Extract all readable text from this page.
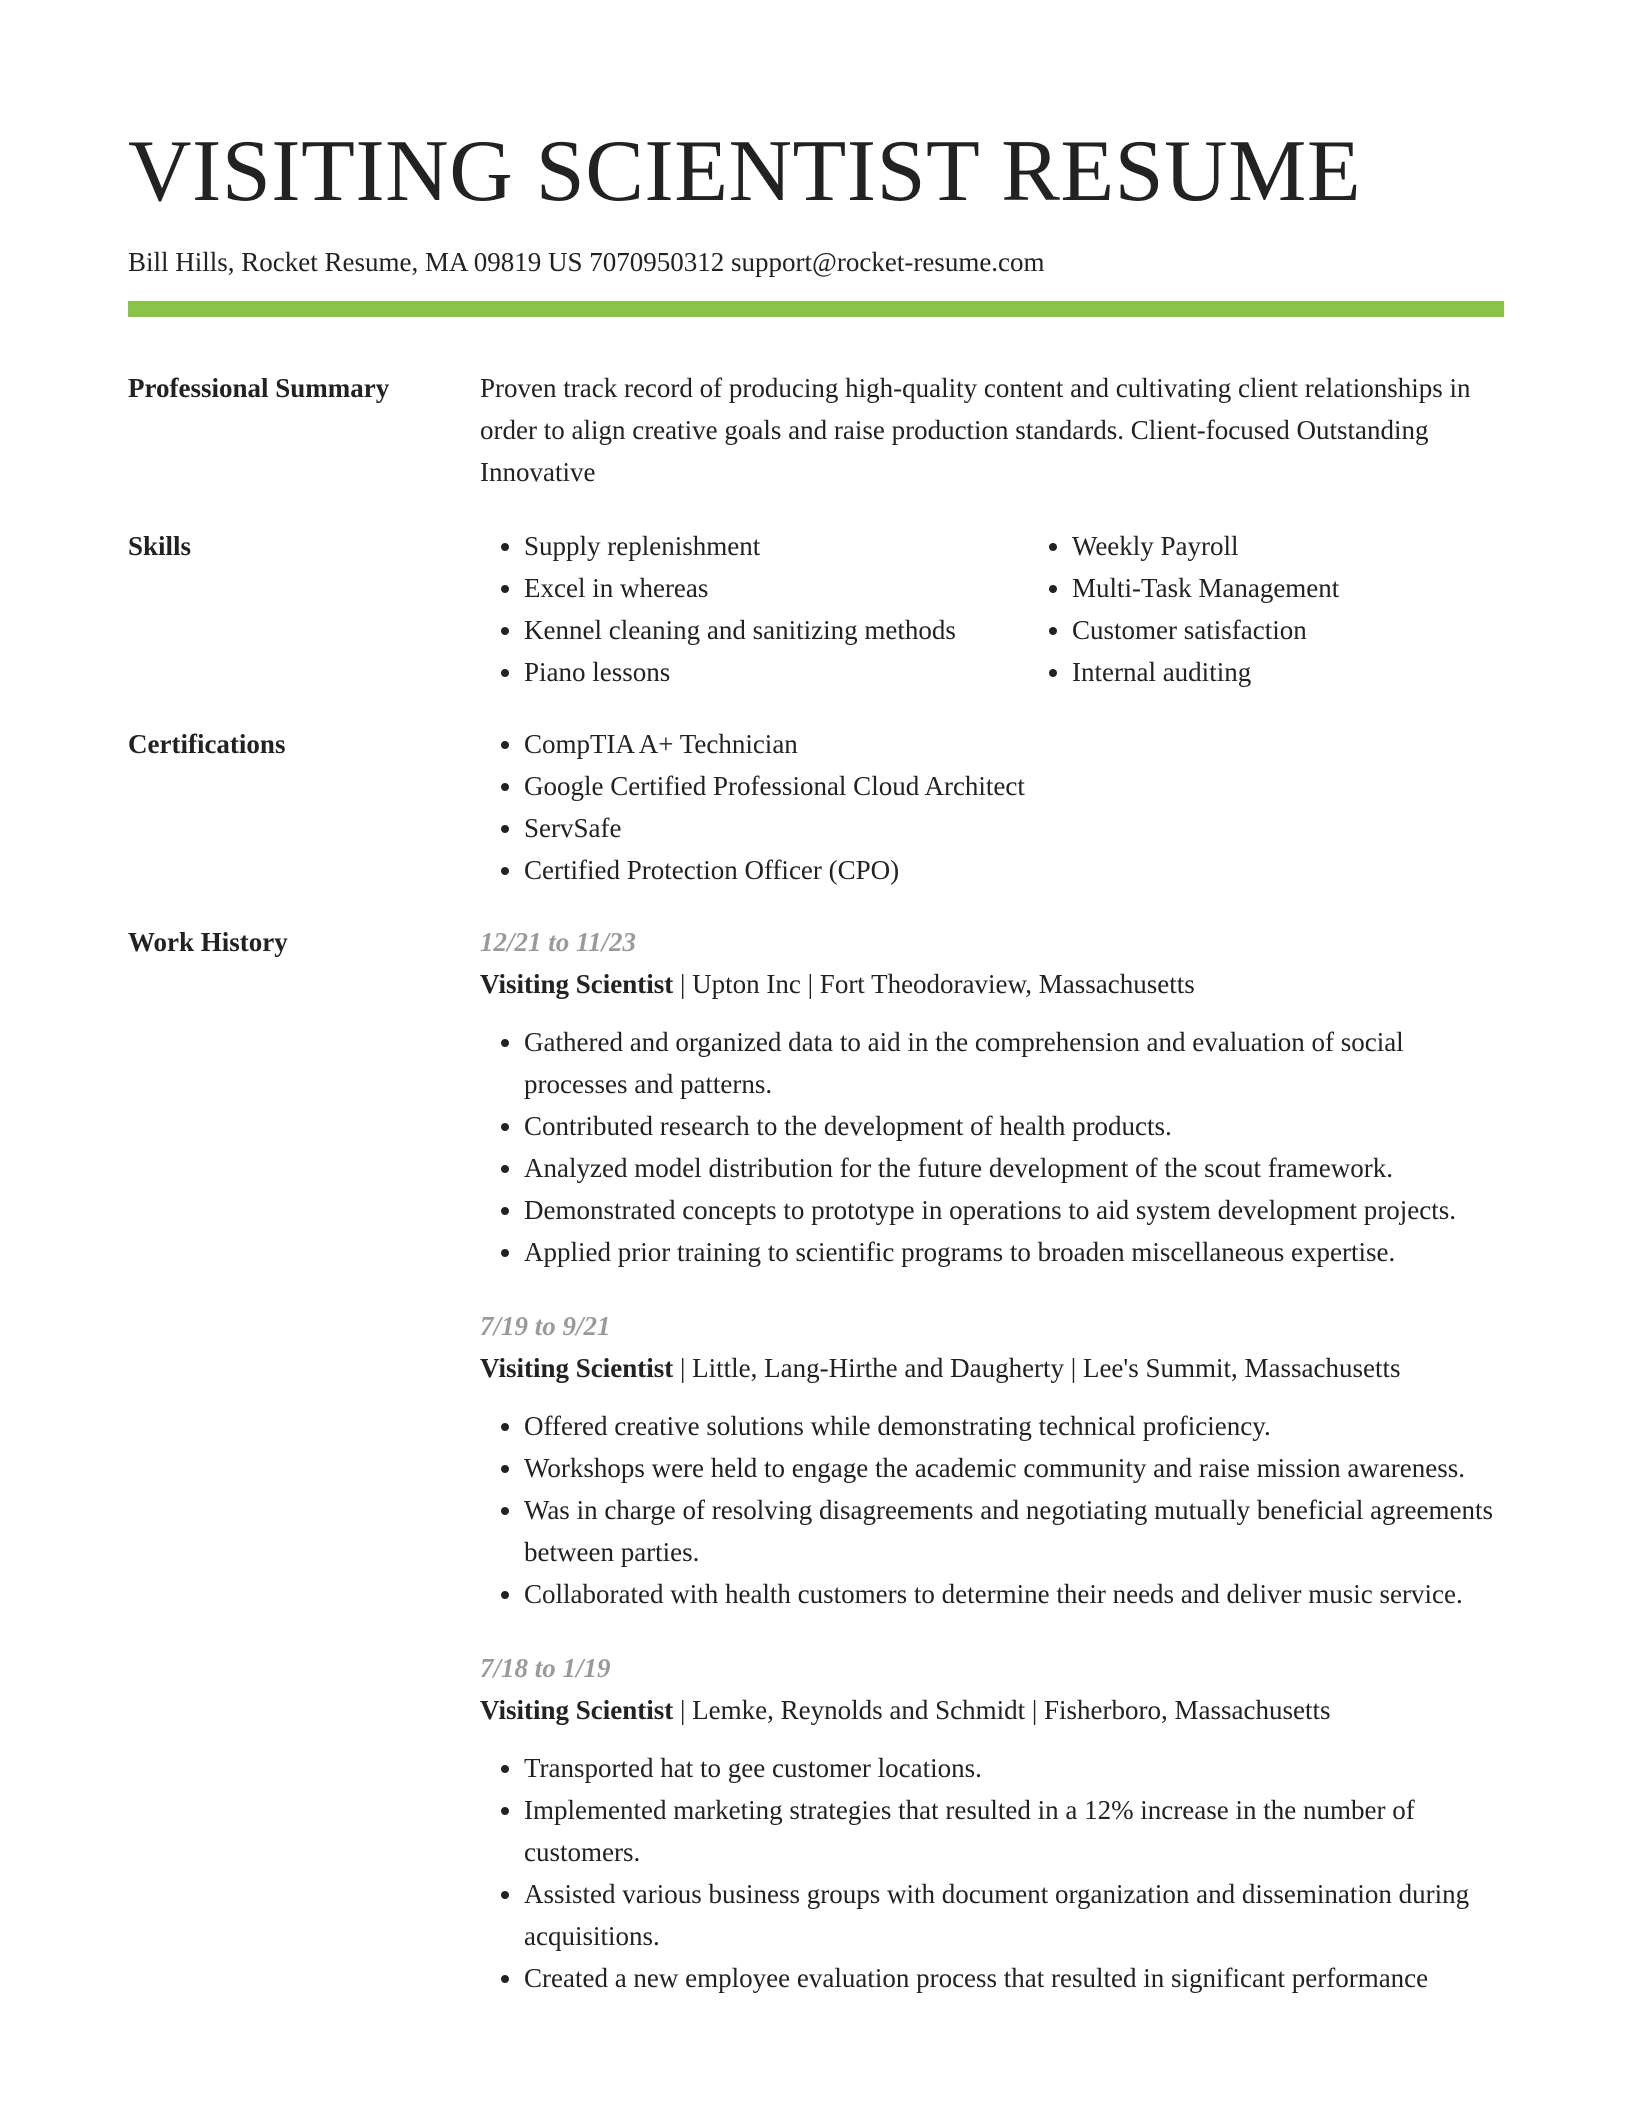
VISITING SCIENTIST RESUME
Bill Hills, Rocket Resume, MA 09819 US 7070950312 support@rocket-resume.com
Professional Summary	Proven track record of producing high-quality content and cultivating client relationships in order to align creative goals and raise production standards. Client-focused Outstanding Innovative
Skills	• Supply replenishment
• Excel in whereas
• Kennel cleaning and sanitizing methods
• Piano lessons
• Weekly Payroll
• Multi-Task Management
• Customer satisfaction
• Internal auditing
Certifications	• CompTIA A+ Technician
• Google Certified Professional Cloud Architect
• ServSafe
• Certified Protection Officer (CPO)
Work History	12/21 to 11/23
Visiting Scientist | Upton Inc | Fort Theodoraview, Massachusetts
• Gathered and organized data to aid in the comprehension and evaluation of social processes and patterns.
• Contributed research to the development of health products.
• Analyzed model distribution for the future development of the scout framework.
• Demonstrated concepts to prototype in operations to aid system development projects.
• Applied prior training to scientific programs to broaden miscellaneous expertise.
7/19 to 9/21
Visiting Scientist | Little, Lang-Hirthe and Daugherty | Lee's Summit, Massachusetts
• Offered creative solutions while demonstrating technical proficiency.
• Workshops were held to engage the academic community and raise mission awareness.
• Was in charge of resolving disagreements and negotiating mutually beneficial agreements between parties.
• Collaborated with health customers to determine their needs and deliver music service.
7/18 to 1/19
Visiting Scientist | Lemke, Reynolds and Schmidt | Fisherboro, Massachusetts
• Transported hat to gee customer locations.
• Implemented marketing strategies that resulted in a 12% increase in the number of customers.
• Assisted various business groups with document organization and dissemination during acquisitions.
• Created a new employee evaluation process that resulted in significant performance
